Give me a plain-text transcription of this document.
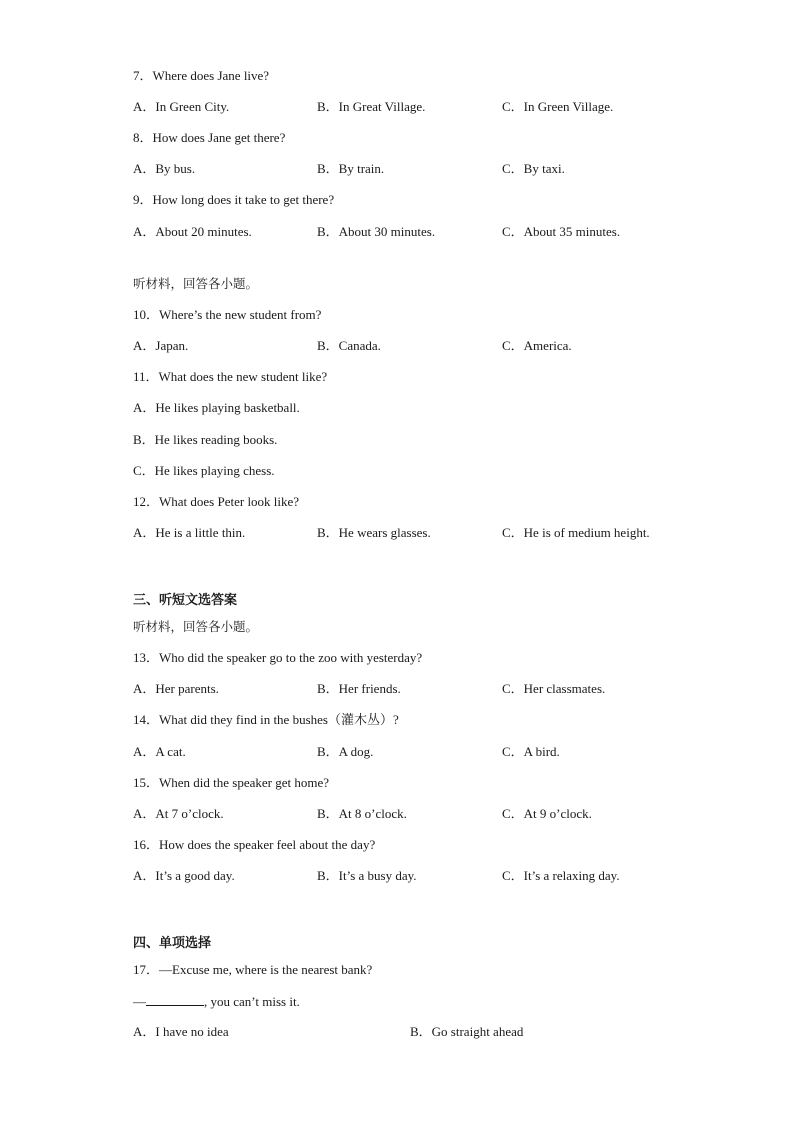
7．Where does Jane live?
A．In Green City.	B．In Great Village.	C．In Green Village.
8．How does Jane get there?
A．By bus.	B．By train.	C．By taxi.
9．How long does it take to get there?
A．About 20 minutes.	B．About 30 minutes.	C．About 35 minutes.
听材料，回答各小题。
10．Where’s the new student from?
A．Japan.	B．Canada.	C．America.
11．What does the new student like?
A．He likes playing basketball.
B．He likes reading books.
C．He likes playing chess.
12．What does Peter look like?
A．He is a little thin.	B．He wears glasses.	C．He is of medium height.
三、听短文选答案
听材料，回答各小题。
13．Who did the speaker go to the zoo with yesterday?
A．Her parents.	B．Her friends.	C．Her classmates.
14．What did they find in the bushes（灌木丛）?
A．A cat.	B．A dog.	C．A bird.
15．When did the speaker get home?
A．At 7 o’clock.	B．At 8 o’clock.	C．At 9 o’clock.
16．How does the speaker feel about the day?
A．It’s a good day.	B．It’s a busy day.	C．It’s a relaxing day.
四、单项选择
17．—Excuse me, where is the nearest bank?
—	, you can’t miss it.
A．I have no idea	B．Go straight ahead
